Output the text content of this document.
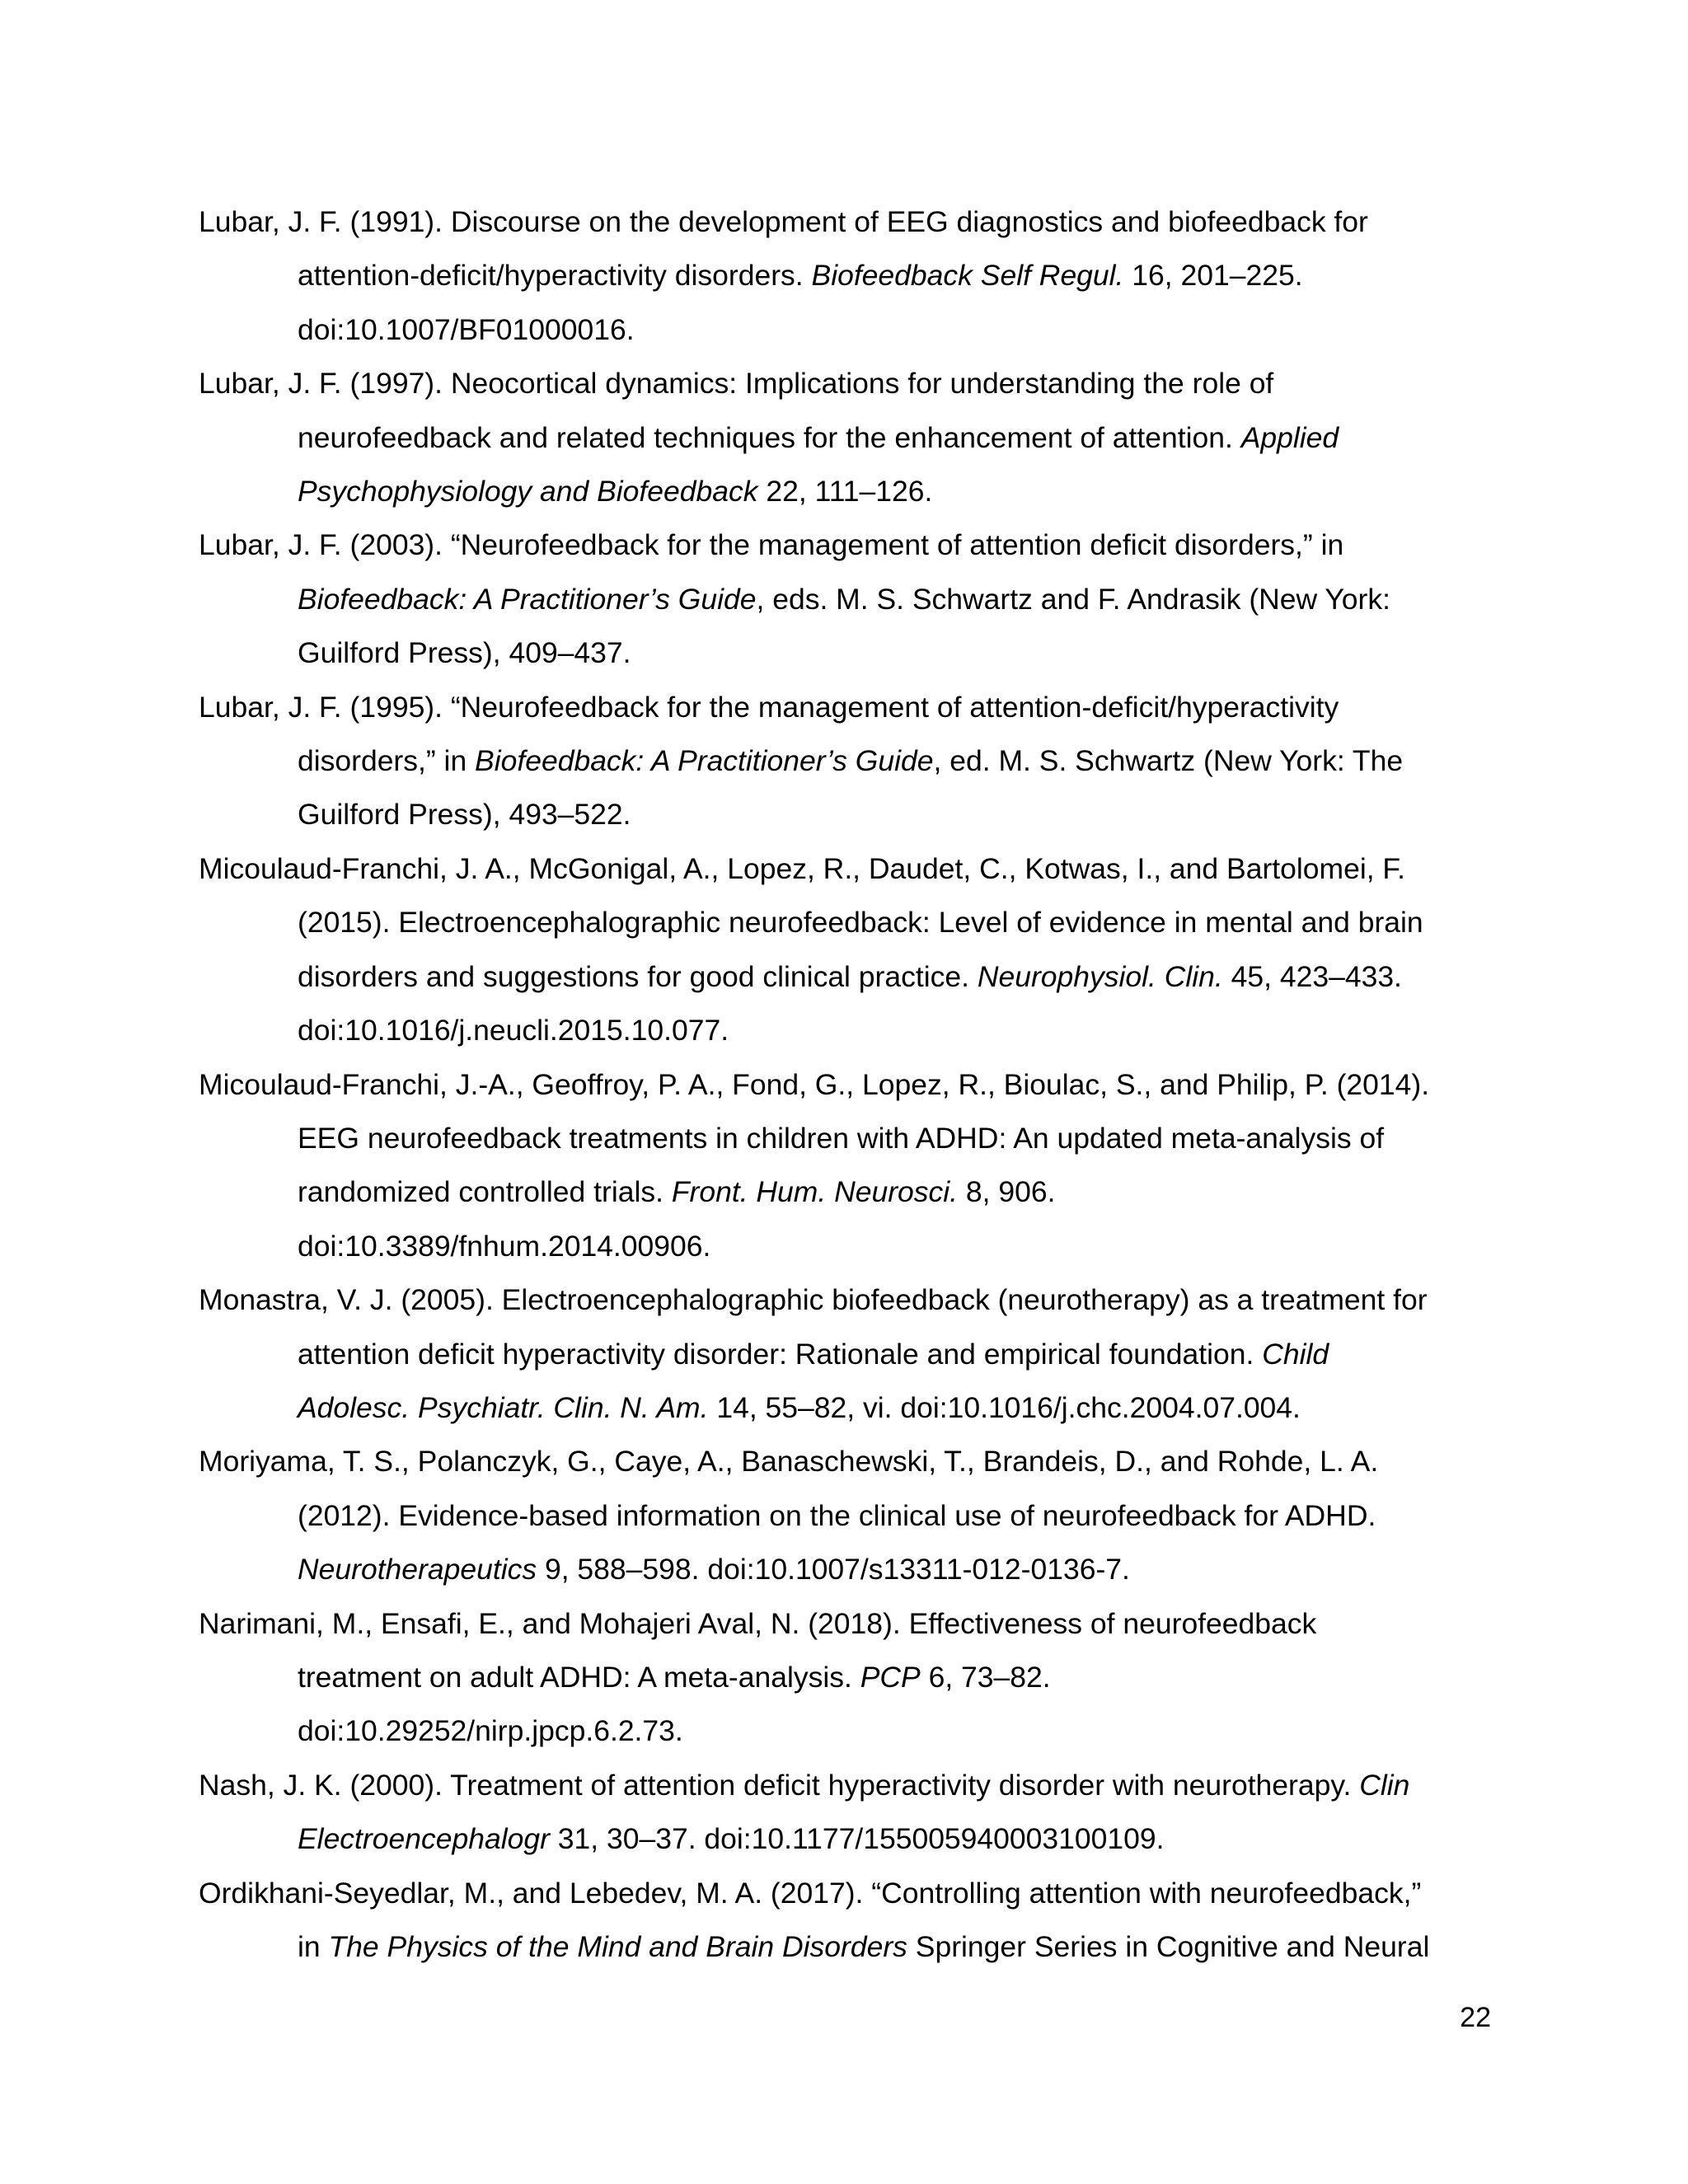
Lubar, J. F. (1991). Discourse on the development of EEG diagnostics and biofeedback for
attention-deficit/hyperactivity disorders. Biofeedback Self Regul. 16, 201–225.
doi:10.1007/BF01000016.

Lubar, J. F. (1997). Neocortical dynamics: Implications for understanding the role of
neurofeedback and related techniques for the enhancement of attention. Applied
Psychophysiology and Biofeedback 22, 111–126.

Lubar, J. F. (2003). “Neurofeedback for the management of attention deficit disorders,” in
Biofeedback: A Practitioner’s Guide, eds. M. S. Schwartz and F. Andrasik (New York:
Guilford Press), 409–437.

Lubar, J. F. (1995). “Neurofeedback for the management of attention-deficit/hyperactivity
disorders,” in Biofeedback: A Practitioner’s Guide, ed. M. S. Schwartz (New York: The
Guilford Press), 493–522.

Micoulaud-Franchi, J. A., McGonigal, A., Lopez, R., Daudet, C., Kotwas, I., and Bartolomei, F.
(2015). Electroencephalographic neurofeedback: Level of evidence in mental and brain
disorders and suggestions for good clinical practice. Neurophysiol. Clin. 45, 423–433.
doi:10.1016/j.neucli.2015.10.077.

Micoulaud-Franchi, J.-A., Geoffroy, P. A., Fond, G., Lopez, R., Bioulac, S., and Philip, P. (2014).
EEG neurofeedback treatments in children with ADHD: An updated meta-analysis of
randomized controlled trials. Front. Hum. Neurosci. 8, 906.
doi:10.3389/fnhum.2014.00906.

Monastra, V. J. (2005). Electroencephalographic biofeedback (neurotherapy) as a treatment for
attention deficit hyperactivity disorder: Rationale and empirical foundation. Child
Adolesc. Psychiatr. Clin. N. Am. 14, 55–82, vi. doi:10.1016/j.chc.2004.07.004.

Moriyama, T. S., Polanczyk, G., Caye, A., Banaschewski, T., Brandeis, D., and Rohde, L. A.
(2012). Evidence-based information on the clinical use of neurofeedback for ADHD.
Neurotherapeutics 9, 588–598. doi:10.1007/s13311-012-0136-7.

Narimani, M., Ensafi, E., and Mohajeri Aval, N. (2018). Effectiveness of neurofeedback
treatment on adult ADHD: A meta-analysis. PCP 6, 73–82.
doi:10.29252/nirp.jpcp.6.2.73.

Nash, J. K. (2000). Treatment of attention deficit hyperactivity disorder with neurotherapy. Clin
Electroencephalogr 31, 30–37. doi:10.1177/155005940003100109.

Ordikhani-Seyedlar, M., and Lebedev, M. A. (2017). “Controlling attention with neurofeedback,”
in The Physics of the Mind and Brain Disorders Springer Series in Cognitive and Neural

22
